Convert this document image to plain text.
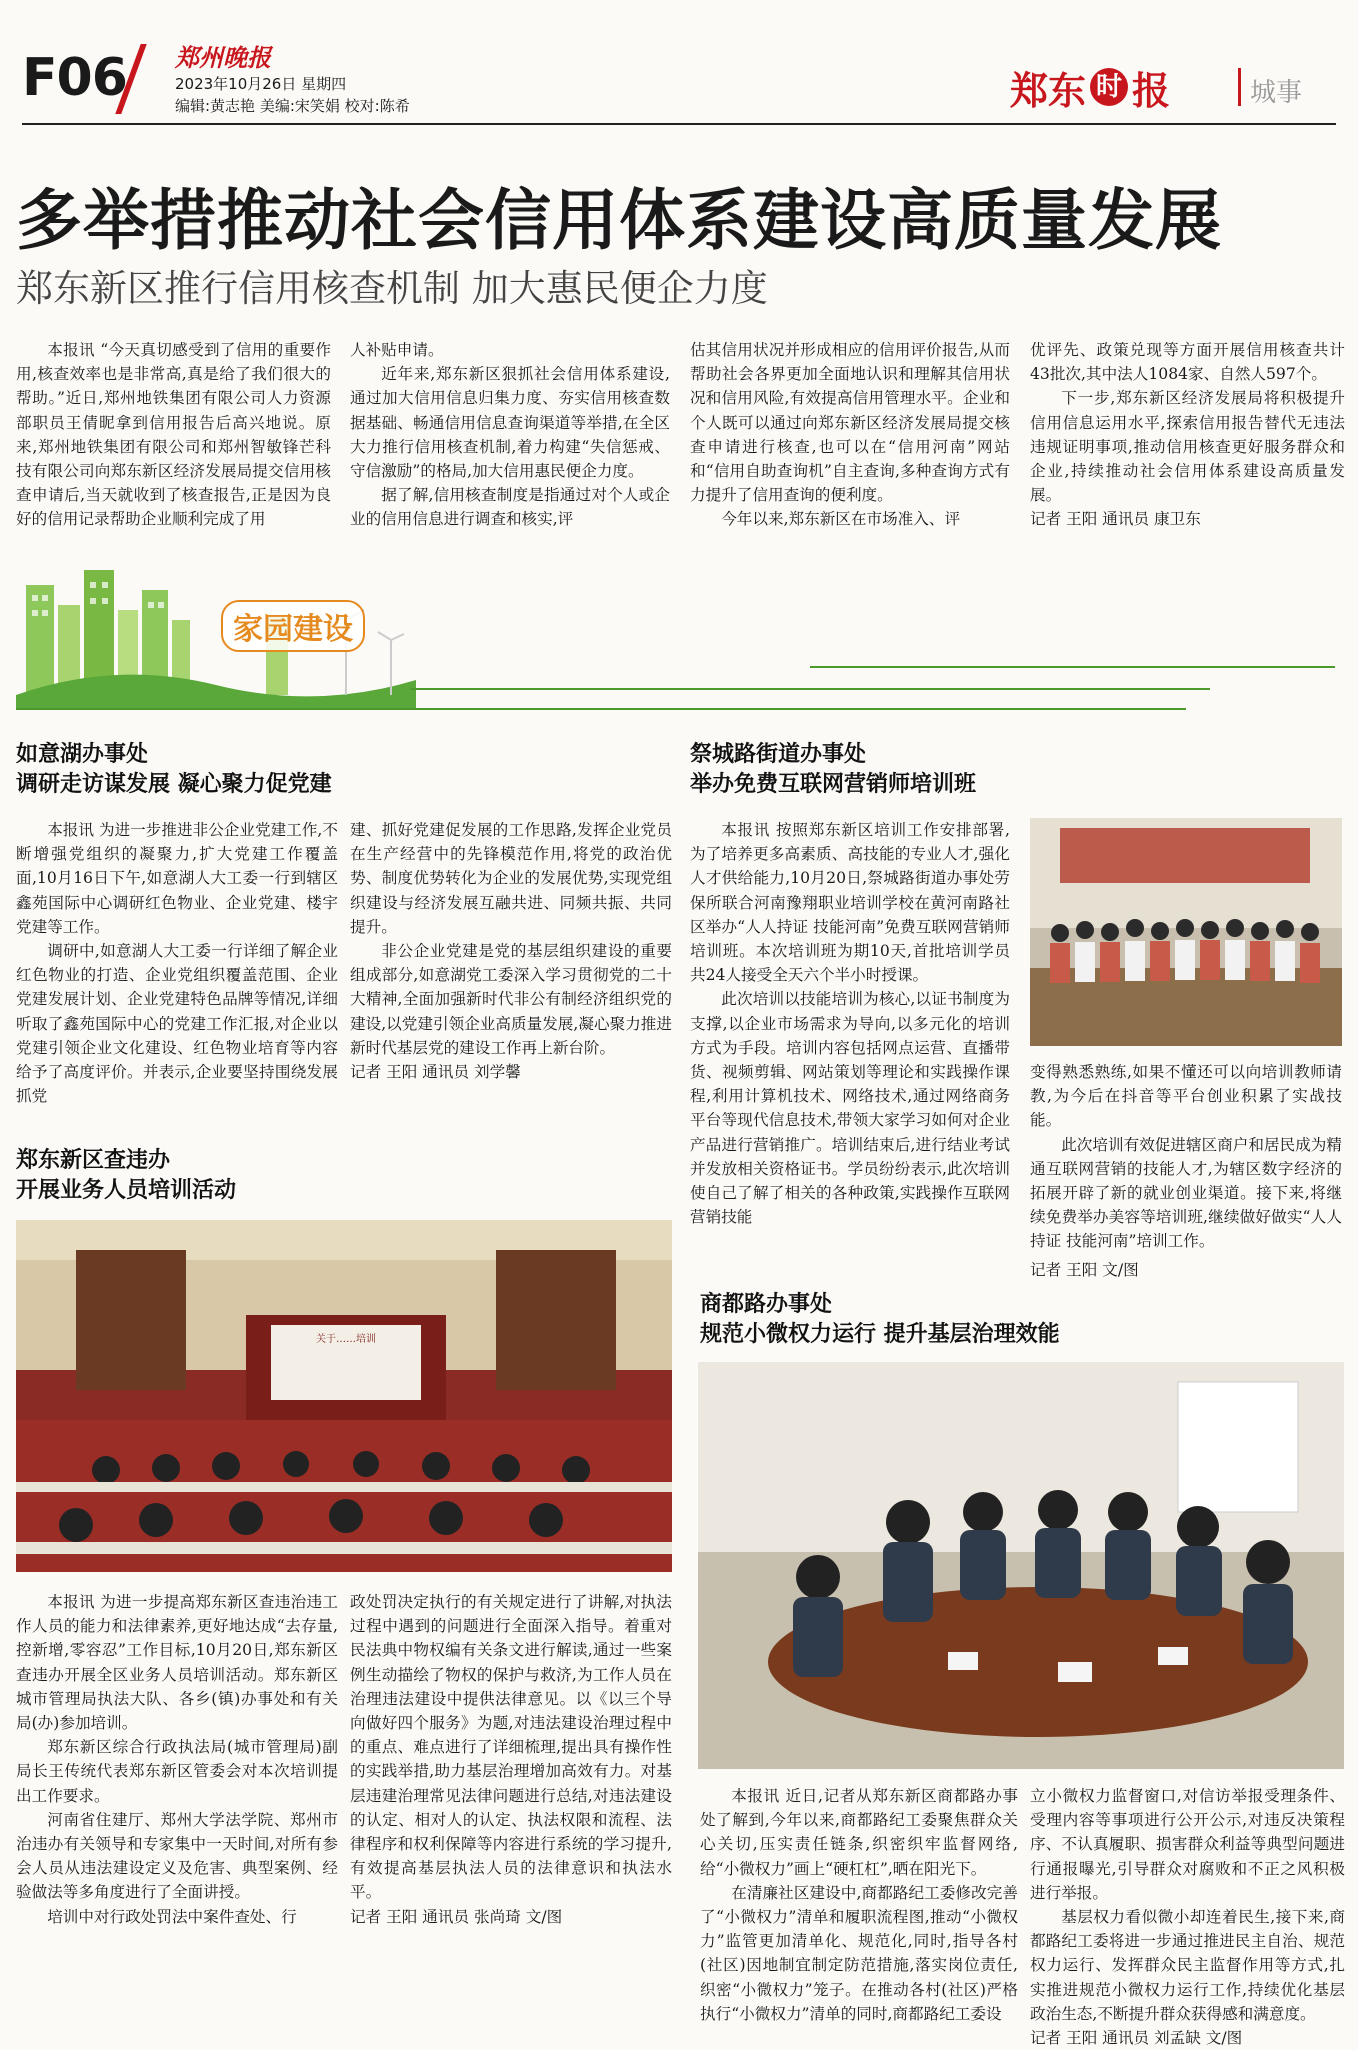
F06 郑州晚报
2023年10月26日 星期四
编辑:黄志艳 美编:宋笑娟 校对:陈希	郑东 时 报	城事
多举措推动社会信用体系建设高质量发展
郑东新区推行信用核查机制 加大惠民便企力度

本报讯 “今天真切感受到了信用的重要作用,核查效率也是非常高,真是给了我们很大的帮助。”近日,郑州地铁集团有限公司人力资源部职员王倩昵拿到信用报告后高兴地说。原来,郑州地铁集团有限公司和郑州智敏锋芒科技有限公司向郑东新区经济发展局提交信用核查申请后,当天就收到了核查报告,正是因为良好的信用记录帮助企业顺利完成了用

人补贴申请。

近年来,郑东新区狠抓社会信用体系建设,通过加大信用信息归集力度、夯实信用核查数据基础、畅通信用信息查询渠道等举措,在全区大力推行信用核查机制,着力构建“失信惩戒、守信激励”的格局,加大信用惠民便企力度。

据了解,信用核查制度是指通过对个人或企业的信用信息进行调查和核实,评

估其信用状况并形成相应的信用评价报告,从而帮助社会各界更加全面地认识和理解其信用状况和信用风险,有效提高信用管理水平。企业和个人既可以通过向郑东新区经济发展局提交核查申请进行核查,也可以在“信用河南”网站和“信用自助查询机”自主查询,多种查询方式有力提升了信用查询的便利度。

今年以来,郑东新区在市场准入、评

优评先、政策兑现等方面开展信用核查共计43批次,其中法人1084家、自然人597个。

下一步,郑东新区经济发展局将积极提升信用信息运用水平,探索信用报告替代无违法违规证明事项,推动信用核查更好服务群众和企业,持续推动社会信用体系建设高质量发展。

记者 王阳 通讯员 康卫东

家园建设
如意湖办事处
调研走访谋发展 凝心聚力促党建

本报讯 为进一步推进非公企业党建工作,不断增强党组织的凝聚力,扩大党建工作覆盖面,10月16日下午,如意湖人大工委一行到辖区鑫苑国际中心调研红色物业、企业党建、楼宇党建等工作。

调研中,如意湖人大工委一行详细了解企业红色物业的打造、企业党组织覆盖范围、企业党建发展计划、企业党建特色品牌等情况,详细听取了鑫苑国际中心的党建工作汇报,对企业以党建引领企业文化建设、红色物业培育等内容给予了高度评价。并表示,企业要坚持围绕发展抓党

建、抓好党建促发展的工作思路,发挥企业党员在生产经营中的先锋模范作用,将党的政治优势、制度优势转化为企业的发展优势,实现党组织建设与经济发展互融共进、同频共振、共同提升。

非公企业党建是党的基层组织建设的重要组成部分,如意湖党工委深入学习贯彻党的二十大精神,全面加强新时代非公有制经济组织党的建设,以党建引领企业高质量发展,凝心聚力推进新时代基层党的建设工作再上新台阶。

记者 王阳 通讯员 刘学馨

郑东新区查违办
开展业务人员培训活动
关于……培训

本报讯 为进一步提高郑东新区查违治违工作人员的能力和法律素养,更好地达成“去存量,控新增,零容忍”工作目标,10月20日,郑东新区查违办开展全区业务人员培训活动。郑东新区城市管理局执法大队、各乡(镇)办事处和有关局(办)参加培训。

郑东新区综合行政执法局(城市管理局)副局长王传统代表郑东新区管委会对本次培训提出工作要求。

河南省住建厅、郑州大学法学院、郑州市治违办有关领导和专家集中一天时间,对所有参会人员从违法建设定义及危害、典型案例、经验做法等多角度进行了全面讲授。

培训中对行政处罚法中案件查处、行

政处罚决定执行的有关规定进行了讲解,对执法过程中遇到的问题进行全面深入指导。着重对民法典中物权编有关条文进行解读,通过一些案例生动描绘了物权的保护与救济,为工作人员在治理违法建设中提供法律意见。以《以三个导向做好四个服务》为题,对违法建设治理过程中的重点、难点进行了详细梳理,提出具有操作性的实践举措,助力基层治理增加高效有力。对基层违建治理常见法律问题进行总结,对违法建设的认定、相对人的认定、执法权限和流程、法律程序和权利保障等内容进行系统的学习提升,有效提高基层执法人员的法律意识和执法水平。

记者 王阳 通讯员 张尚琦 文/图

祭城路街道办事处
举办免费互联网营销师培训班

本报讯 按照郑东新区培训工作安排部署,为了培养更多高素质、高技能的专业人才,强化人才供给能力,10月20日,祭城路街道办事处劳保所联合河南豫翔职业培训学校在黄河南路社区举办“人人持证 技能河南”免费互联网营销师培训班。本次培训班为期10天,首批培训学员共24人接受全天六个半小时授课。

此次培训以技能培训为核心,以证书制度为支撑,以企业市场需求为导向,以多元化的培训方式为手段。培训内容包括网点运营、直播带货、视频剪辑、网站策划等理论和实践操作课程,利用计算机技术、网络技术,通过网络商务平台等现代信息技术,带领大家学习如何对企业产品进行营销推广。培训结束后,进行结业考试并发放相关资格证书。学员纷纷表示,此次培训使自己了解了相关的各种政策,实践操作互联网营销技能

变得熟悉熟练,如果不懂还可以向培训教师请教,为今后在抖音等平台创业积累了实战技能。

此次培训有效促进辖区商户和居民成为精通互联网营销的技能人才,为辖区数字经济的拓展开辟了新的就业创业渠道。接下来,将继续免费举办美容等培训班,继续做好做实“人人持证 技能河南”培训工作。

记者 王阳 文/图

商都路办事处
规范小微权力运行 提升基层治理效能

本报讯 近日,记者从郑东新区商都路办事处了解到,今年以来,商都路纪工委聚焦群众关心关切,压实责任链条,织密织牢监督网络,给“小微权力”画上“硬杠杠”,晒在阳光下。

在清廉社区建设中,商都路纪工委修改完善了“小微权力”清单和履职流程图,推动“小微权力”监管更加清单化、规范化,同时,指导各村(社区)因地制宜制定防范措施,落实岗位责任,织密“小微权力”笼子。在推动各村(社区)严格执行“小微权力”清单的同时,商都路纪工委设

立小微权力监督窗口,对信访举报受理条件、受理内容等事项进行公开公示,对违反决策程序、不认真履职、损害群众利益等典型问题进行通报曝光,引导群众对腐败和不正之风积极进行举报。

基层权力看似微小却连着民生,接下来,商都路纪工委将进一步通过推进民主自治、规范权力运行、发挥群众民主监督作用等方式,扎实推进规范小微权力运行工作,持续优化基层政治生态,不断提升群众获得感和满意度。

记者 王阳 通讯员 刘孟缺 文/图
